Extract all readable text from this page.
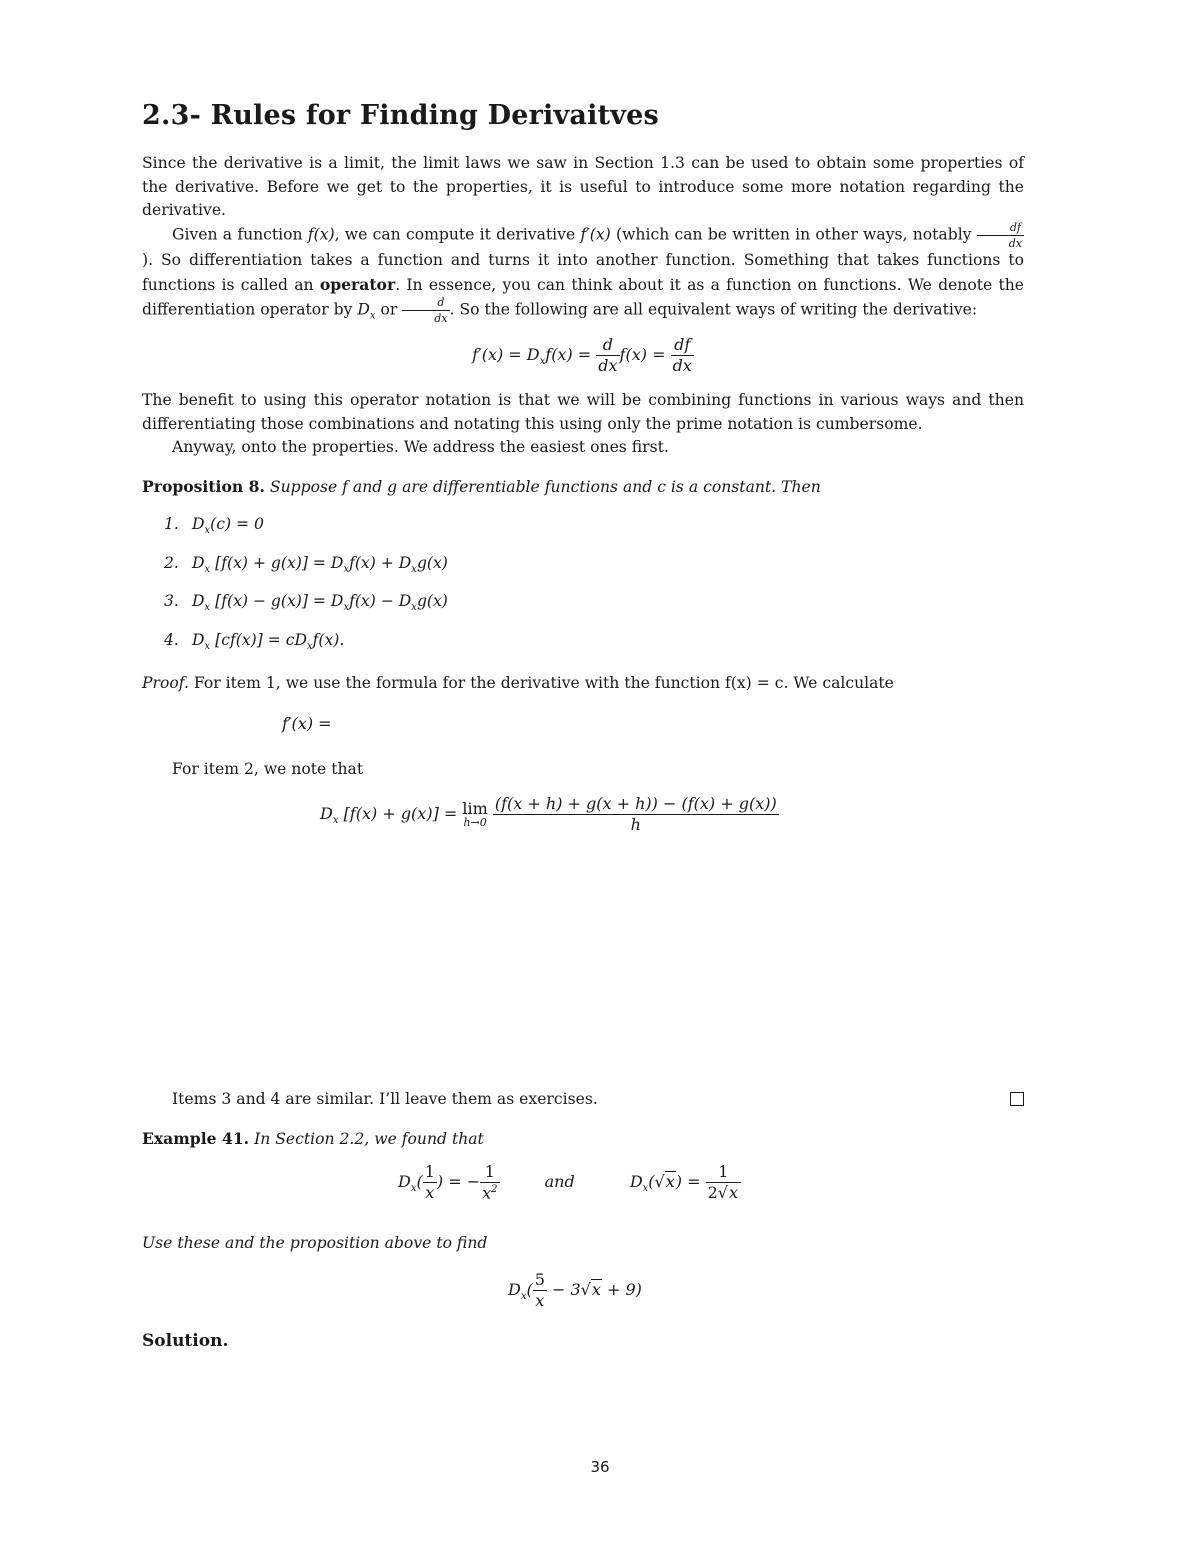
2.3- Rules for Finding Derivaitves

Since the derivative is a limit, the limit laws we saw in Section 1.3 can be used to obtain some properties of the derivative. Before we get to the properties, it is useful to introduce some more notation regarding the derivative.

Given a function f(x), we can compute it derivative f′(x) (which can be written in other ways, notably $\frac{df}{dx}$
). So differentiation takes a function and turns it into another function. Something that takes functions to functions is called an operator. In essence, you can think about it as a function on functions. We denote the differentiation operator by $D_x$ or $\frac{d}{dx}$ . So the following are all equivalent ways of writing the derivative:

$f'(x) = D_xf(x) = \frac{d}{dx} f(x) = \frac{df}{dx}$

The benefit to using this operator notation is that we will be combining functions in various ways and then differentiating those combinations and notating this using only the prime notation is cumbersome.

Anyway, onto the properties. We address the easiest ones first.

Proposition 8. Suppose f and g are differentiable functions and c is a constant. Then

1. $D_x(c) = 0$
2. $D_x$ $[f(x) + g(x)] = D_xf(x) + D_xg(x)$
3. $D_x$ $[f(x) - g(x)] = D_xf(x) - D_xg(x)$
4. $D_x$ $[cf(x)] = cD_xf(x)$.

Proof. For item 1, we use the formula for the derivative with the function f(x) = c. We calculate

f′(x) =

For item 2, we note that

$D_x$ [f(x) + g(x)] = lim
h→0
$\frac{(f(x + h) + g(x + h)) - (f(x) + g(x))}{h}$

Items 3 and 4 are similar. I’ll leave them as exercises.

Example 41. In Section 2.2, we found that

$D_x( \frac{1}{x}$ ) = − $\frac{1}{x^2}$	and	$D_x(√x) = \frac{1}{2√x}$

Use these and the proposition above to find

$D_x( \frac{5}{x} - 3√x + 9)$
Solution.
36
